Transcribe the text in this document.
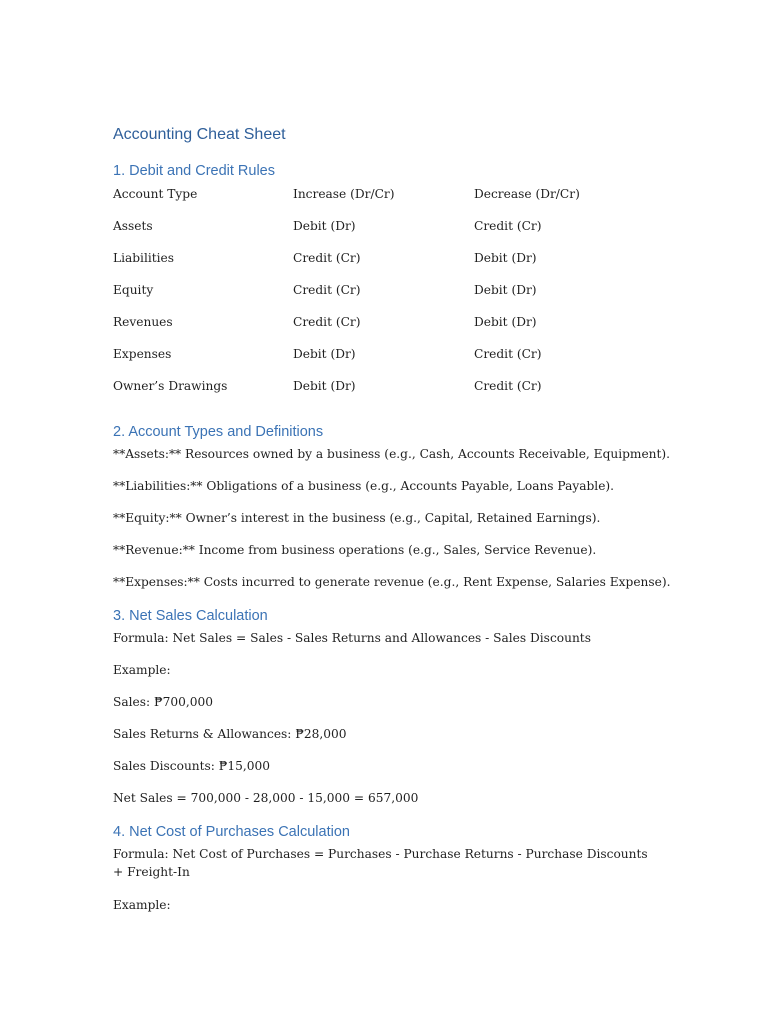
Accounting Cheat Sheet
1. Debit and Credit Rules
Account Type	Increase (Dr/Cr)	Decrease (Dr/Cr)
Assets	Debit (Dr)	Credit (Cr)
Liabilities	Credit (Cr)	Debit (Dr)
Equity	Credit (Cr)	Debit (Dr)
Revenues	Credit (Cr)	Debit (Dr)
Expenses	Debit (Dr)	Credit (Cr)
Owner’s Drawings	Debit (Dr)	Credit (Cr)
2. Account Types and Definitions
**Assets:** Resources owned by a business (e.g., Cash, Accounts Receivable, Equipment).
**Liabilities:** Obligations of a business (e.g., Accounts Payable, Loans Payable).
**Equity:** Owner’s interest in the business (e.g., Capital, Retained Earnings).
**Revenue:** Income from business operations (e.g., Sales, Service Revenue).
**Expenses:** Costs incurred to generate revenue (e.g., Rent Expense, Salaries Expense).
3. Net Sales Calculation
Formula: Net Sales = Sales - Sales Returns and Allowances - Sales Discounts
Example:
Sales: ₱700,000
Sales Returns & Allowances: ₱28,000
Sales Discounts: ₱15,000
Net Sales = 700,000 - 28,000 - 15,000 = 657,000
4. Net Cost of Purchases Calculation
Formula: Net Cost of Purchases = Purchases - Purchase Returns - Purchase Discounts + Freight-In
Example:
